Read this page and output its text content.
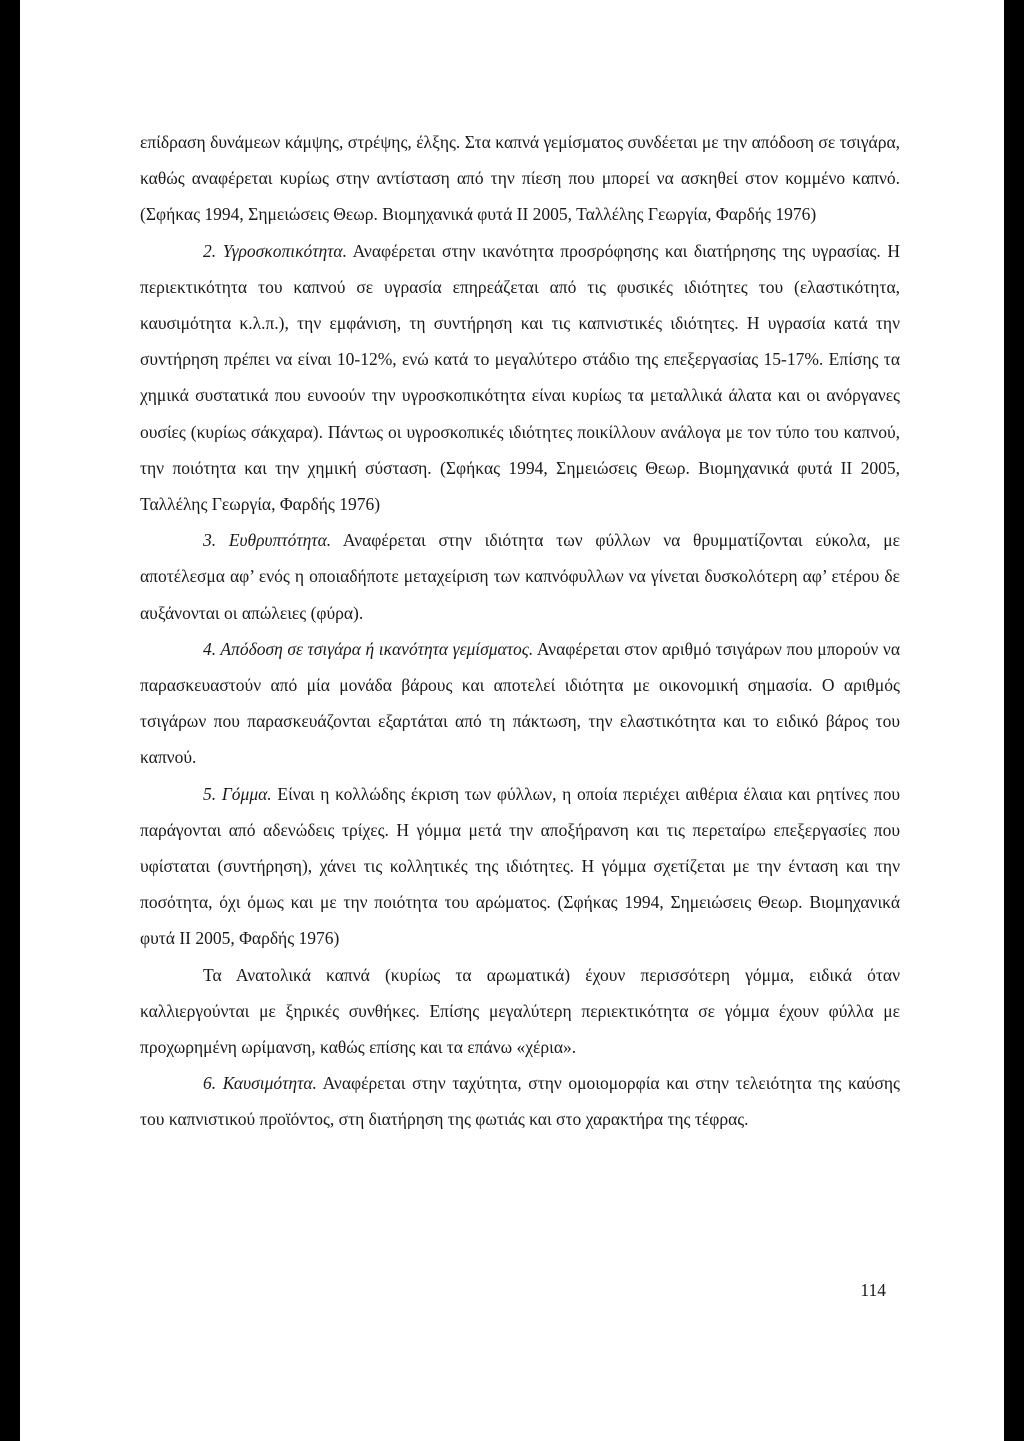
επίδραση δυνάμεων κάμψης, στρέψης, έλξης. Στα καπνά γεμίσματος συνδέεται με την απόδοση σε τσιγάρα, καθώς αναφέρεται κυρίως στην αντίσταση από την πίεση που μπορεί να ασκηθεί στον κομμένο καπνό. (Σφήκας 1994, Σημειώσεις Θεωρ. Βιομηχανικά φυτά ΙΙ 2005, Ταλλέλης Γεωργία, Φαρδής 1976)

2. Υγροσκοπικότητα. Αναφέρεται στην ικανότητα προσρόφησης και διατήρησης της υγρασίας. Η περιεκτικότητα του καπνού σε υγρασία επηρεάζεται από τις φυσικές ιδιότητες του (ελαστικότητα, καυσιμότητα κ.λ.π.), την εμφάνιση, τη συντήρηση και τις καπνιστικές ιδιότητες. Η υγρασία κατά την συντήρηση πρέπει να είναι 10-12%, ενώ κατά το μεγαλύτερο στάδιο της επεξεργασίας 15-17%. Επίσης τα χημικά συστατικά που ευνοούν την υγροσκοπικότητα είναι κυρίως τα μεταλλικά άλατα και οι ανόργανες ουσίες (κυρίως σάκχαρα). Πάντως οι υγροσκοπικές ιδιότητες ποικίλλουν ανάλογα με τον τύπο του καπνού, την ποιότητα και την χημική σύσταση. (Σφήκας 1994, Σημειώσεις Θεωρ. Βιομηχανικά φυτά ΙΙ 2005, Ταλλέλης Γεωργία, Φαρδής 1976)

3. Ευθρυπτότητα. Αναφέρεται στην ιδιότητα των φύλλων να θρυμματίζονται εύκολα, με αποτέλεσμα αφ’ ενός η οποιαδήποτε μεταχείριση των καπνόφυλλων να γίνεται δυσκολότερη αφ’ ετέρου δε αυξάνονται οι απώλειες (φύρα).

4. Απόδοση σε τσιγάρα ή ικανότητα γεμίσματος. Αναφέρεται στον αριθμό τσιγάρων που μπορούν να παρασκευαστούν από μία μονάδα βάρους και αποτελεί ιδιότητα με οικονομική σημασία. Ο αριθμός τσιγάρων που παρασκευάζονται εξαρτάται από τη πάκτωση, την ελαστικότητα και το ειδικό βάρος του καπνού.

5. Γόμμα. Είναι η κολλώδης έκριση των φύλλων, η οποία περιέχει αιθέρια έλαια και ρητίνες που παράγονται από αδενώδεις τρίχες. Η γόμμα μετά την αποξήρανση και τις περεταίρω επεξεργασίες που υφίσταται (συντήρηση), χάνει τις κολλητικές της ιδιότητες. Η γόμμα σχετίζεται με την ένταση και την ποσότητα, όχι όμως και με την ποιότητα του αρώματος. (Σφήκας 1994, Σημειώσεις Θεωρ. Βιομηχανικά φυτά ΙΙ 2005, Φαρδής 1976)

Τα Ανατολικά καπνά (κυρίως τα αρωματικά) έχουν περισσότερη γόμμα, ειδικά όταν καλλιεργούνται με ξηρικές συνθήκες. Επίσης μεγαλύτερη περιεκτικότητα σε γόμμα έχουν φύλλα με προχωρημένη ωρίμανση, καθώς επίσης και τα επάνω «χέρια».

6. Καυσιμότητα. Αναφέρεται στην ταχύτητα, στην ομοιομορφία και στην τελειότητα της καύσης του καπνιστικού προϊόντος, στη διατήρηση της φωτιάς και στο χαρακτήρα της τέφρας.

114
